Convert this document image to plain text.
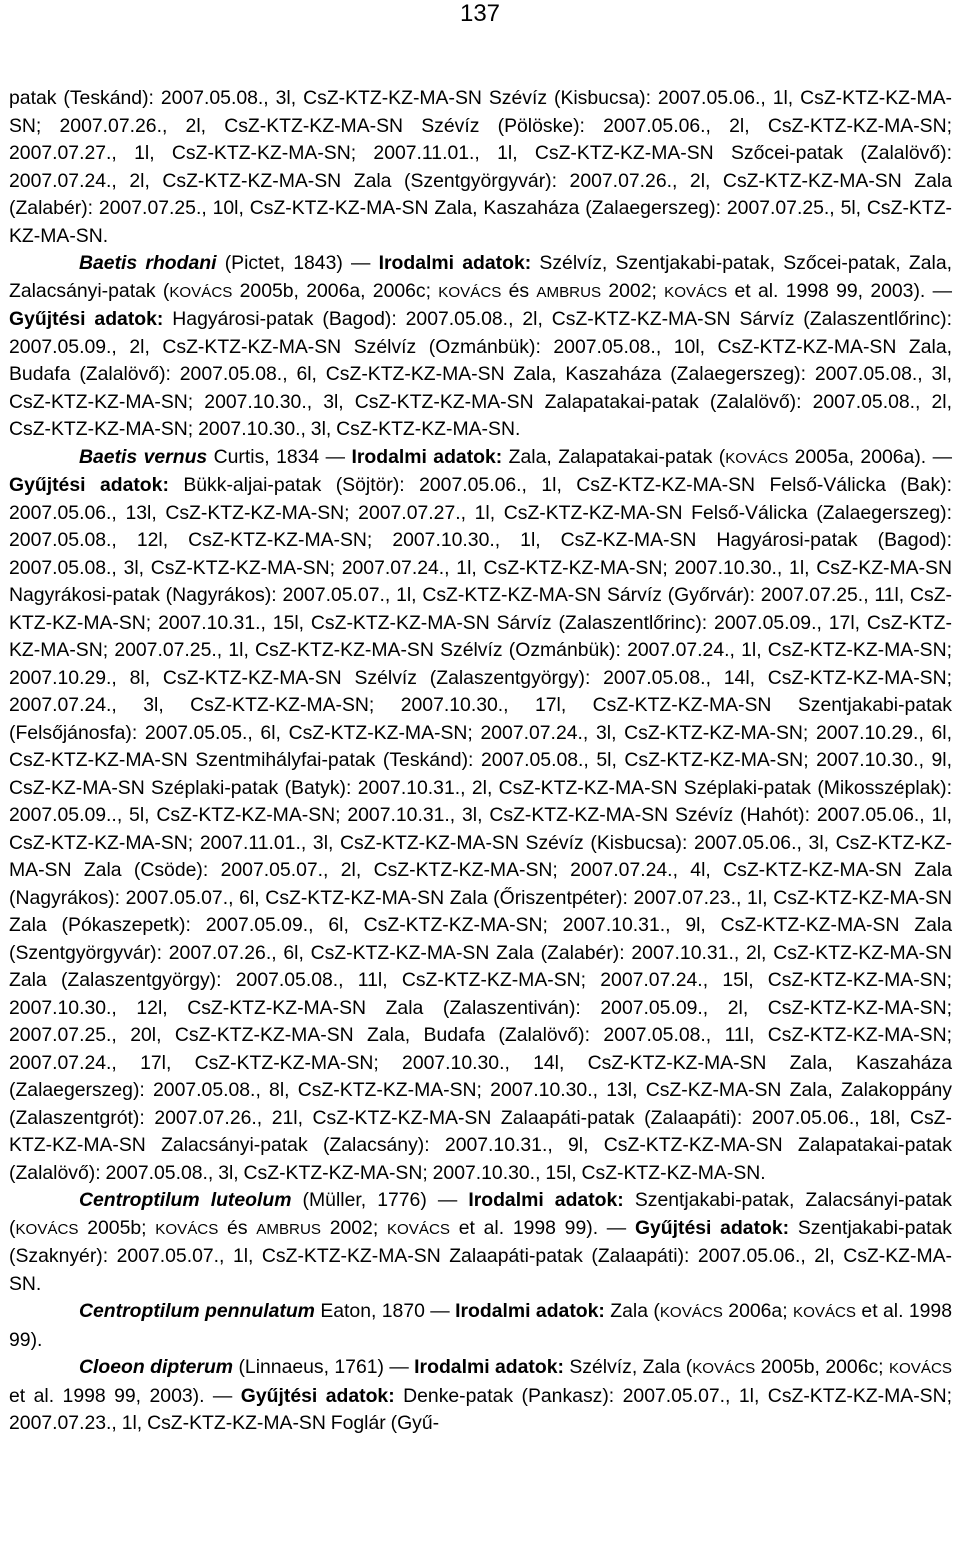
137

patak (Teskánd): 2007.05.08., 3l, CsZ-KTZ-KZ-MA-SN Szévíz (Kisbucsa): 2007.05.06., 1l, CsZ-KTZ-KZ-MA-SN; 2007.07.26., 2l, CsZ-KTZ-KZ-MA-SN Szévíz (Pölöske): 2007.05.06., 2l, CsZ-KTZ-KZ-MA-SN; 2007.07.27., 1l, CsZ-KTZ-KZ-MA-SN; 2007.11.01., 1l, CsZ-KTZ-KZ-MA-SN Szőcei-patak (Zalalövő): 2007.07.24., 2l, CsZ-KTZ-KZ-MA-SN Zala (Szentgyörgyvár): 2007.07.26., 2l, CsZ-KTZ-KZ-MA-SN Zala (Zalabér): 2007.07.25., 10l, CsZ-KTZ-KZ-MA-SN Zala, Kaszaháza (Zalaegerszeg): 2007.07.25., 5l, CsZ-KTZ-KZ-MA-SN.

Baetis rhodani (Pictet, 1843) — Irodalmi adatok: Szélvíz, Szentjakabi-patak, Szőcei-patak, Zala, Zalacsányi-patak (KOVÁCS 2005b, 2006a, 2006c; KOVÁCS és AMBRUS 2002; KOVÁCS et al. 1998 99, 2003). — Gyűjtési adatok: Hagyárosi-patak (Bagod): 2007.05.08., 2l, CsZ-KTZ-KZ-MA-SN Sárvíz (Zalaszentlőrinc): 2007.05.09., 2l, CsZ-KTZ-KZ-MA-SN Szélvíz (Ozmánbük): 2007.05.08., 10l, CsZ-KTZ-KZ-MA-SN Zala, Budafa (Zalalövő): 2007.05.08., 6l, CsZ-KTZ-KZ-MA-SN Zala, Kaszaháza (Zalaegerszeg): 2007.05.08., 3l, CsZ-KTZ-KZ-MA-SN; 2007.10.30., 3l, CsZ-KTZ-KZ-MA-SN Zalapatakai-patak (Zalalövő): 2007.05.08., 2l, CsZ-KTZ-KZ-MA-SN; 2007.10.30., 3l, CsZ-KTZ-KZ-MA-SN.

Baetis vernus Curtis, 1834 — Irodalmi adatok: Zala, Zalapatakai-patak (KOVÁCS 2005a, 2006a). — Gyűjtési adatok: Bükk-aljai-patak (Söjtör): 2007.05.06., 1l, CsZ-KTZ-KZ-MA-SN Felső-Válicka (Bak): 2007.05.06., 13l, CsZ-KTZ-KZ-MA-SN; 2007.07.27., 1l, CsZ-KTZ-KZ-MA-SN Felső-Válicka (Zalaegerszeg): 2007.05.08., 12l, CsZ-KTZ-KZ-MA-SN; 2007.10.30., 1l, CsZ-KZ-MA-SN Hagyárosi-patak (Bagod): 2007.05.08., 3l, CsZ-KTZ-KZ-MA-SN; 2007.07.24., 1l, CsZ-KTZ-KZ-MA-SN; 2007.10.30., 1l, CsZ-KZ-MA-SN Nagyrákosi-patak (Nagyrákos): 2007.05.07., 1l, CsZ-KTZ-KZ-MA-SN Sárvíz (Győrvár): 2007.07.25., 11l, CsZ-KTZ-KZ-MA-SN; 2007.10.31., 15l, CsZ-KTZ-KZ-MA-SN Sárvíz (Zalaszentlőrinc): 2007.05.09., 17l, CsZ-KTZ-KZ-MA-SN; 2007.07.25., 1l, CsZ-KTZ-KZ-MA-SN Szélvíz (Ozmánbük): 2007.07.24., 1l, CsZ-KTZ-KZ-MA-SN; 2007.10.29., 8l, CsZ-KTZ-KZ-MA-SN Szélvíz (Zalaszentgyörgy): 2007.05.08., 14l, CsZ-KTZ-KZ-MA-SN; 2007.07.24., 3l, CsZ-KTZ-KZ-MA-SN; 2007.10.30., 17l, CsZ-KTZ-KZ-MA-SN Szentjakabi-patak (Felsőjánosfa): 2007.05.05., 6l, CsZ-KTZ-KZ-MA-SN; 2007.07.24., 3l, CsZ-KTZ-KZ-MA-SN; 2007.10.29., 6l, CsZ-KTZ-KZ-MA-SN Szentmihályfai-patak (Teskánd): 2007.05.08., 5l, CsZ-KTZ-KZ-MA-SN; 2007.10.30., 9l, CsZ-KZ-MA-SN Széplaki-patak (Batyk): 2007.10.31., 2l, CsZ-KTZ-KZ-MA-SN Széplaki-patak (Mikosszéplak): 2007.05.09.., 5l, CsZ-KTZ-KZ-MA-SN; 2007.10.31., 3l, CsZ-KTZ-KZ-MA-SN Szévíz (Hahót): 2007.05.06., 1l, CsZ-KTZ-KZ-MA-SN; 2007.11.01., 3l, CsZ-KTZ-KZ-MA-SN Szévíz (Kisbucsa): 2007.05.06., 3l, CsZ-KTZ-KZ-MA-SN Zala (Csöde): 2007.05.07., 2l, CsZ-KTZ-KZ-MA-SN; 2007.07.24., 4l, CsZ-KTZ-KZ-MA-SN Zala (Nagyrákos): 2007.05.07., 6l, CsZ-KTZ-KZ-MA-SN Zala (Őriszentpéter): 2007.07.23., 1l, CsZ-KTZ-KZ-MA-SN Zala (Pókaszepetk): 2007.05.09., 6l, CsZ-KTZ-KZ-MA-SN; 2007.10.31., 9l, CsZ-KTZ-KZ-MA-SN Zala (Szentgyörgyvár): 2007.07.26., 6l, CsZ-KTZ-KZ-MA-SN Zala (Zalabér): 2007.10.31., 2l, CsZ-KTZ-KZ-MA-SN Zala (Zalaszentgyörgy): 2007.05.08., 11l, CsZ-KTZ-KZ-MA-SN; 2007.07.24., 15l, CsZ-KTZ-KZ-MA-SN; 2007.10.30., 12l, CsZ-KTZ-KZ-MA-SN Zala (Zalaszentiván): 2007.05.09., 2l, CsZ-KTZ-KZ-MA-SN; 2007.07.25., 20l, CsZ-KTZ-KZ-MA-SN Zala, Budafa (Zalalövő): 2007.05.08., 11l, CsZ-KTZ-KZ-MA-SN; 2007.07.24., 17l, CsZ-KTZ-KZ-MA-SN; 2007.10.30., 14l, CsZ-KTZ-KZ-MA-SN Zala, Kaszaháza (Zalaegerszeg): 2007.05.08., 8l, CsZ-KTZ-KZ-MA-SN; 2007.10.30., 13l, CsZ-KZ-MA-SN Zala, Zalakoppány (Zalaszentgrót): 2007.07.26., 21l, CsZ-KTZ-KZ-MA-SN Zalaapáti-patak (Zalaapáti): 2007.05.06., 18l, CsZ-KTZ-KZ-MA-SN Zalacsányi-patak (Zalacsány): 2007.10.31., 9l, CsZ-KTZ-KZ-MA-SN Zalapatakai-patak (Zalalövő): 2007.05.08., 3l, CsZ-KTZ-KZ-MA-SN; 2007.10.30., 15l, CsZ-KTZ-KZ-MA-SN.

Centroptilum luteolum (Müller, 1776) — Irodalmi adatok: Szentjakabi-patak, Zalacsányi-patak (KOVÁCS 2005b; KOVÁCS és AMBRUS 2002; KOVÁCS et al. 1998 99). — Gyűjtési adatok: Szentjakabi-patak (Szaknyér): 2007.05.07., 1l, CsZ-KTZ-KZ-MA-SN Zalaapáti-patak (Zalaapáti): 2007.05.06., 2l, CsZ-KZ-MA-SN.

Centroptilum pennulatum Eaton, 1870 — Irodalmi adatok: Zala (KOVÁCS 2006a; KOVÁCS et al. 1998 99).

Cloeon dipterum (Linnaeus, 1761) — Irodalmi adatok: Szélvíz, Zala (KOVÁCS 2005b, 2006c; KOVÁCS et al. 1998 99, 2003). — Gyűjtési adatok: Denke-patak (Pankasz): 2007.05.07., 1l, CsZ-KTZ-KZ-MA-SN; 2007.07.23., 1l, CsZ-KTZ-KZ-MA-SN Foglár (Gyű-
